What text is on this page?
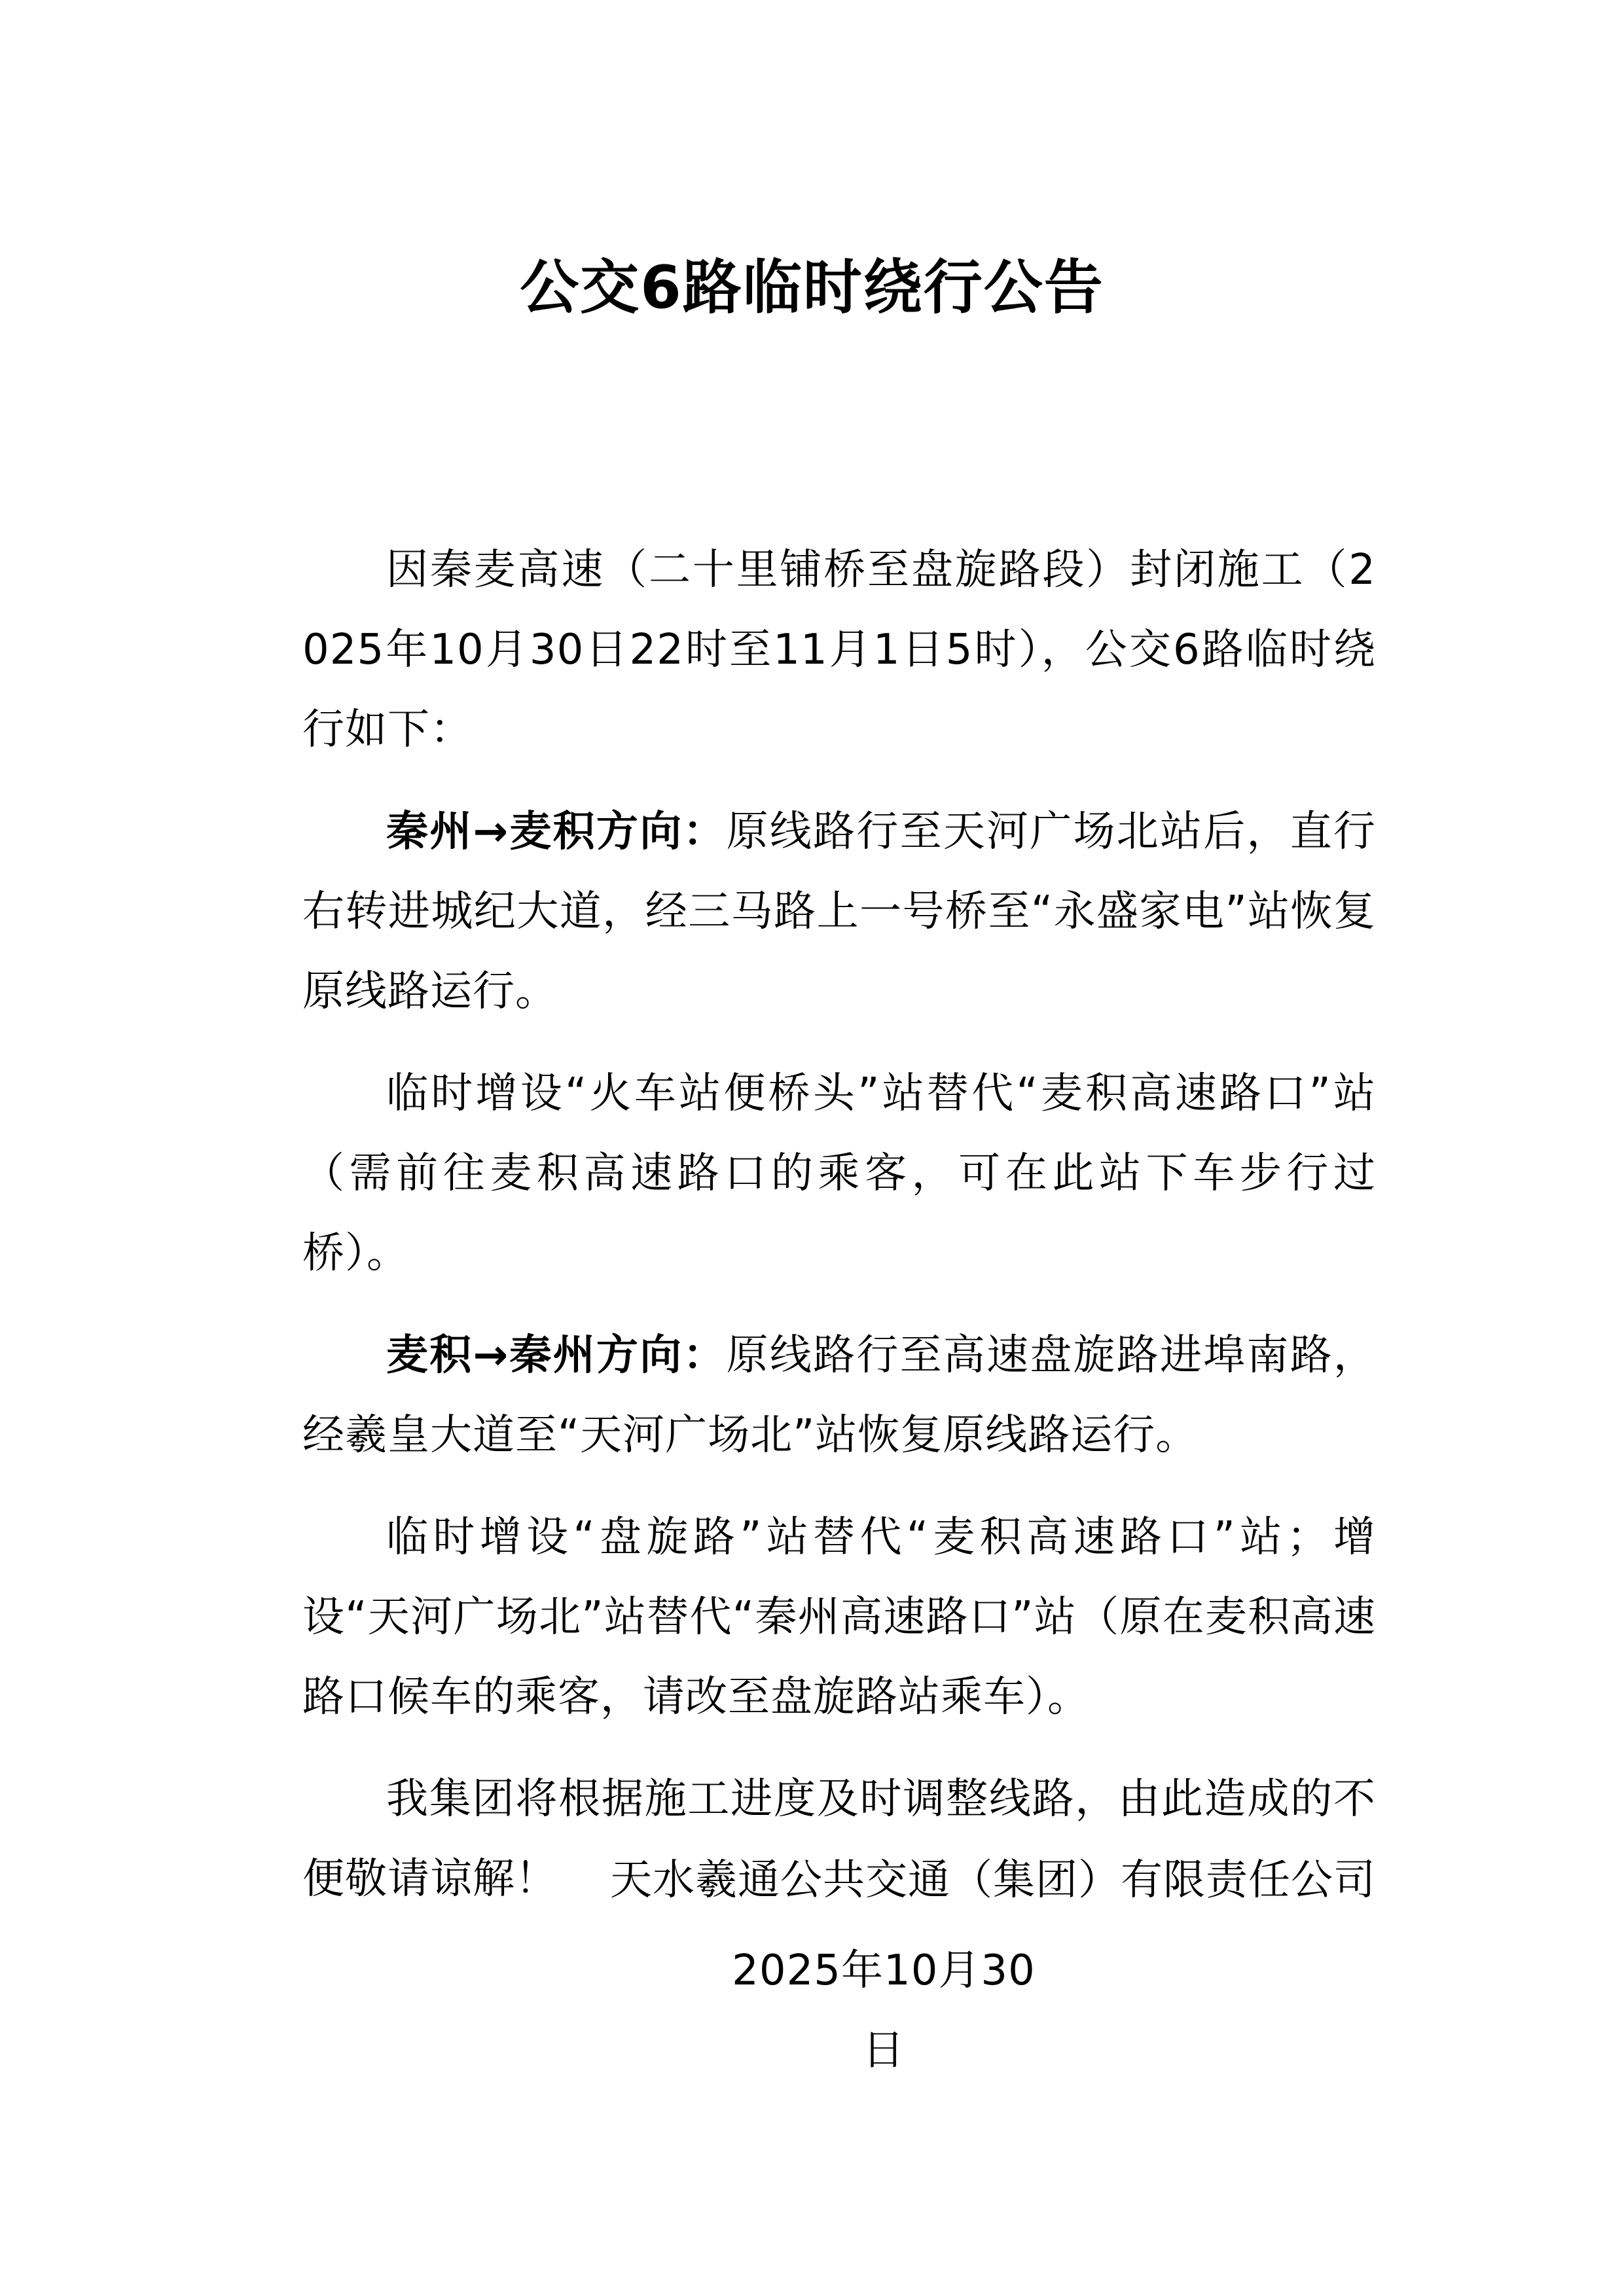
公交6路临时绕行公告

因秦麦高速（二十里铺桥至盘旋路段）封闭施工（2025年10月30日22时至11月1日5时），公交6路临时绕行如下：

秦州→麦积方向：原线路行至天河广场北站后，直行右转进城纪大道，经三马路上一号桥至“永盛家电”站恢复原线路运行。

临时增设“火车站便桥头”站替代“麦积高速路口”站（需前往麦积高速路口的乘客，可在此站下车步行过桥）。

麦积→秦州方向：原线路行至高速盘旋路进埠南路，经羲皇大道至“天河广场北”站恢复原线路运行。

临时增设“盘旋路”站替代“麦积高速路口”站；增设“天河广场北”站替代“秦州高速路口”站（原在麦积高速路口候车的乘客，请改至盘旋路站乘车）。

我集团将根据施工进度及时调整线路，由此造成的不便敬请谅解！	天水羲通公共交通（集团）有限责任公司
2025年10月30日
